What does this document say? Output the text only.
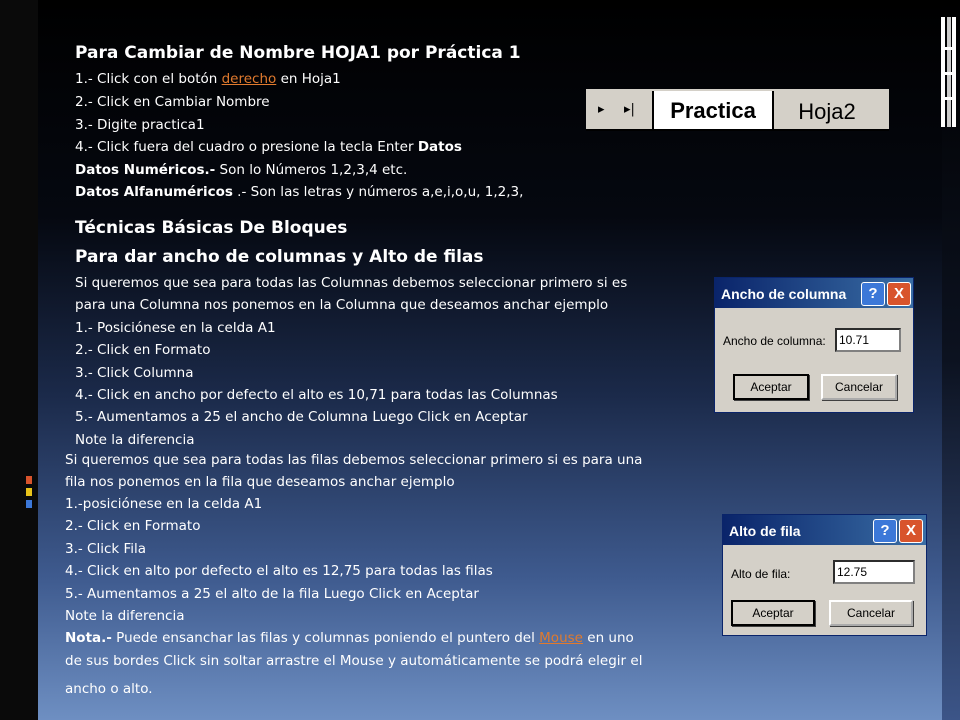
Para Cambiar de Nombre HOJA1 por Práctica 1
1.- Click con el botón derecho en Hoja1
2.- Click en Cambiar Nombre
3.- Digite practica1
4.- Click fuera del cuadro o presione la tecla Enter Datos
Datos Numéricos.- Son lo Números 1,2,3,4 etc.
Datos Alfanuméricos .- Son las letras y números a,e,i,o,u, 1,2,3,
▸ ▸|	Practica	Hoja2
Técnicas Básicas De Bloques
Para dar ancho de columnas y Alto de filas
Si queremos que sea para todas las Columnas debemos seleccionar primero si es
para una Columna nos ponemos en la Columna que deseamos anchar ejemplo
1.- Posiciónese en la celda A1
2.- Click en Formato
3.- Click Columna
4.- Click en ancho por defecto el alto es 10,71 para todas las Columnas
5.- Aumentamos a 25 el ancho de Columna Luego Click en Aceptar
Note la diferencia
Ancho de columna	?	X
Ancho de columna:	10.71
Aceptar	Cancelar
Si queremos que sea para todas las filas debemos seleccionar primero si es para una
fila nos ponemos en la fila que deseamos anchar ejemplo
1.-posiciónese en la celda A1
2.- Click en Formato
3.- Click Fila
4.- Click en alto por defecto el alto es 12,75 para todas las filas
5.- Aumentamos a 25 el alto de la fila Luego Click en Aceptar
Note la diferencia
Nota.- Puede ensanchar las filas y columnas poniendo el puntero del Mouse en uno
de sus bordes Click sin soltar arrastre el Mouse y automáticamente se podrá elegir el
ancho o alto.
Alto de fila	?	X
Alto de fila:	12.75
Aceptar	Cancelar
